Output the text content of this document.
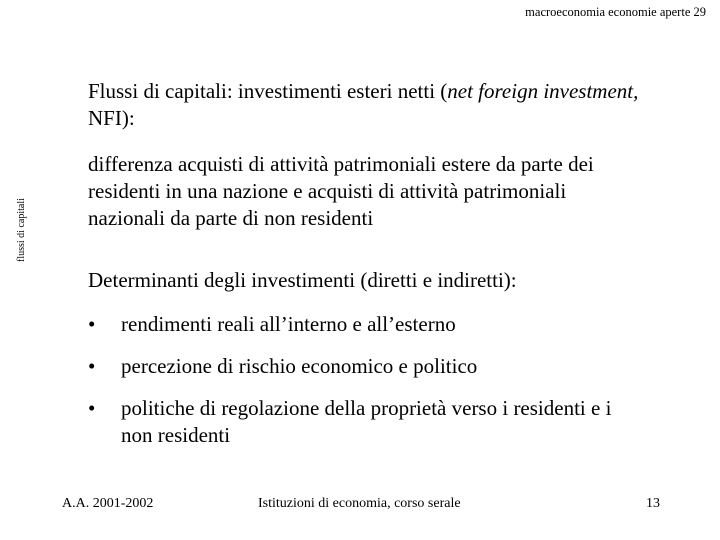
macroeconomia economie aperte 29
flussi di capitali
Flussi di capitali: investimenti esteri netti (net foreign investment, NFI):
differenza acquisti di attività patrimoniali estere da parte dei residenti in una nazione e acquisti di attività patrimoniali nazionali da parte di non residenti
Determinanti degli investimenti (diretti e indiretti):
•	rendimenti reali all’interno e all’esterno
•	percezione di rischio economico e politico
•	politiche di regolazione della proprietà verso i residenti e i non residenti
A.A. 2001-2002	Istituzioni di economia, corso serale	13
